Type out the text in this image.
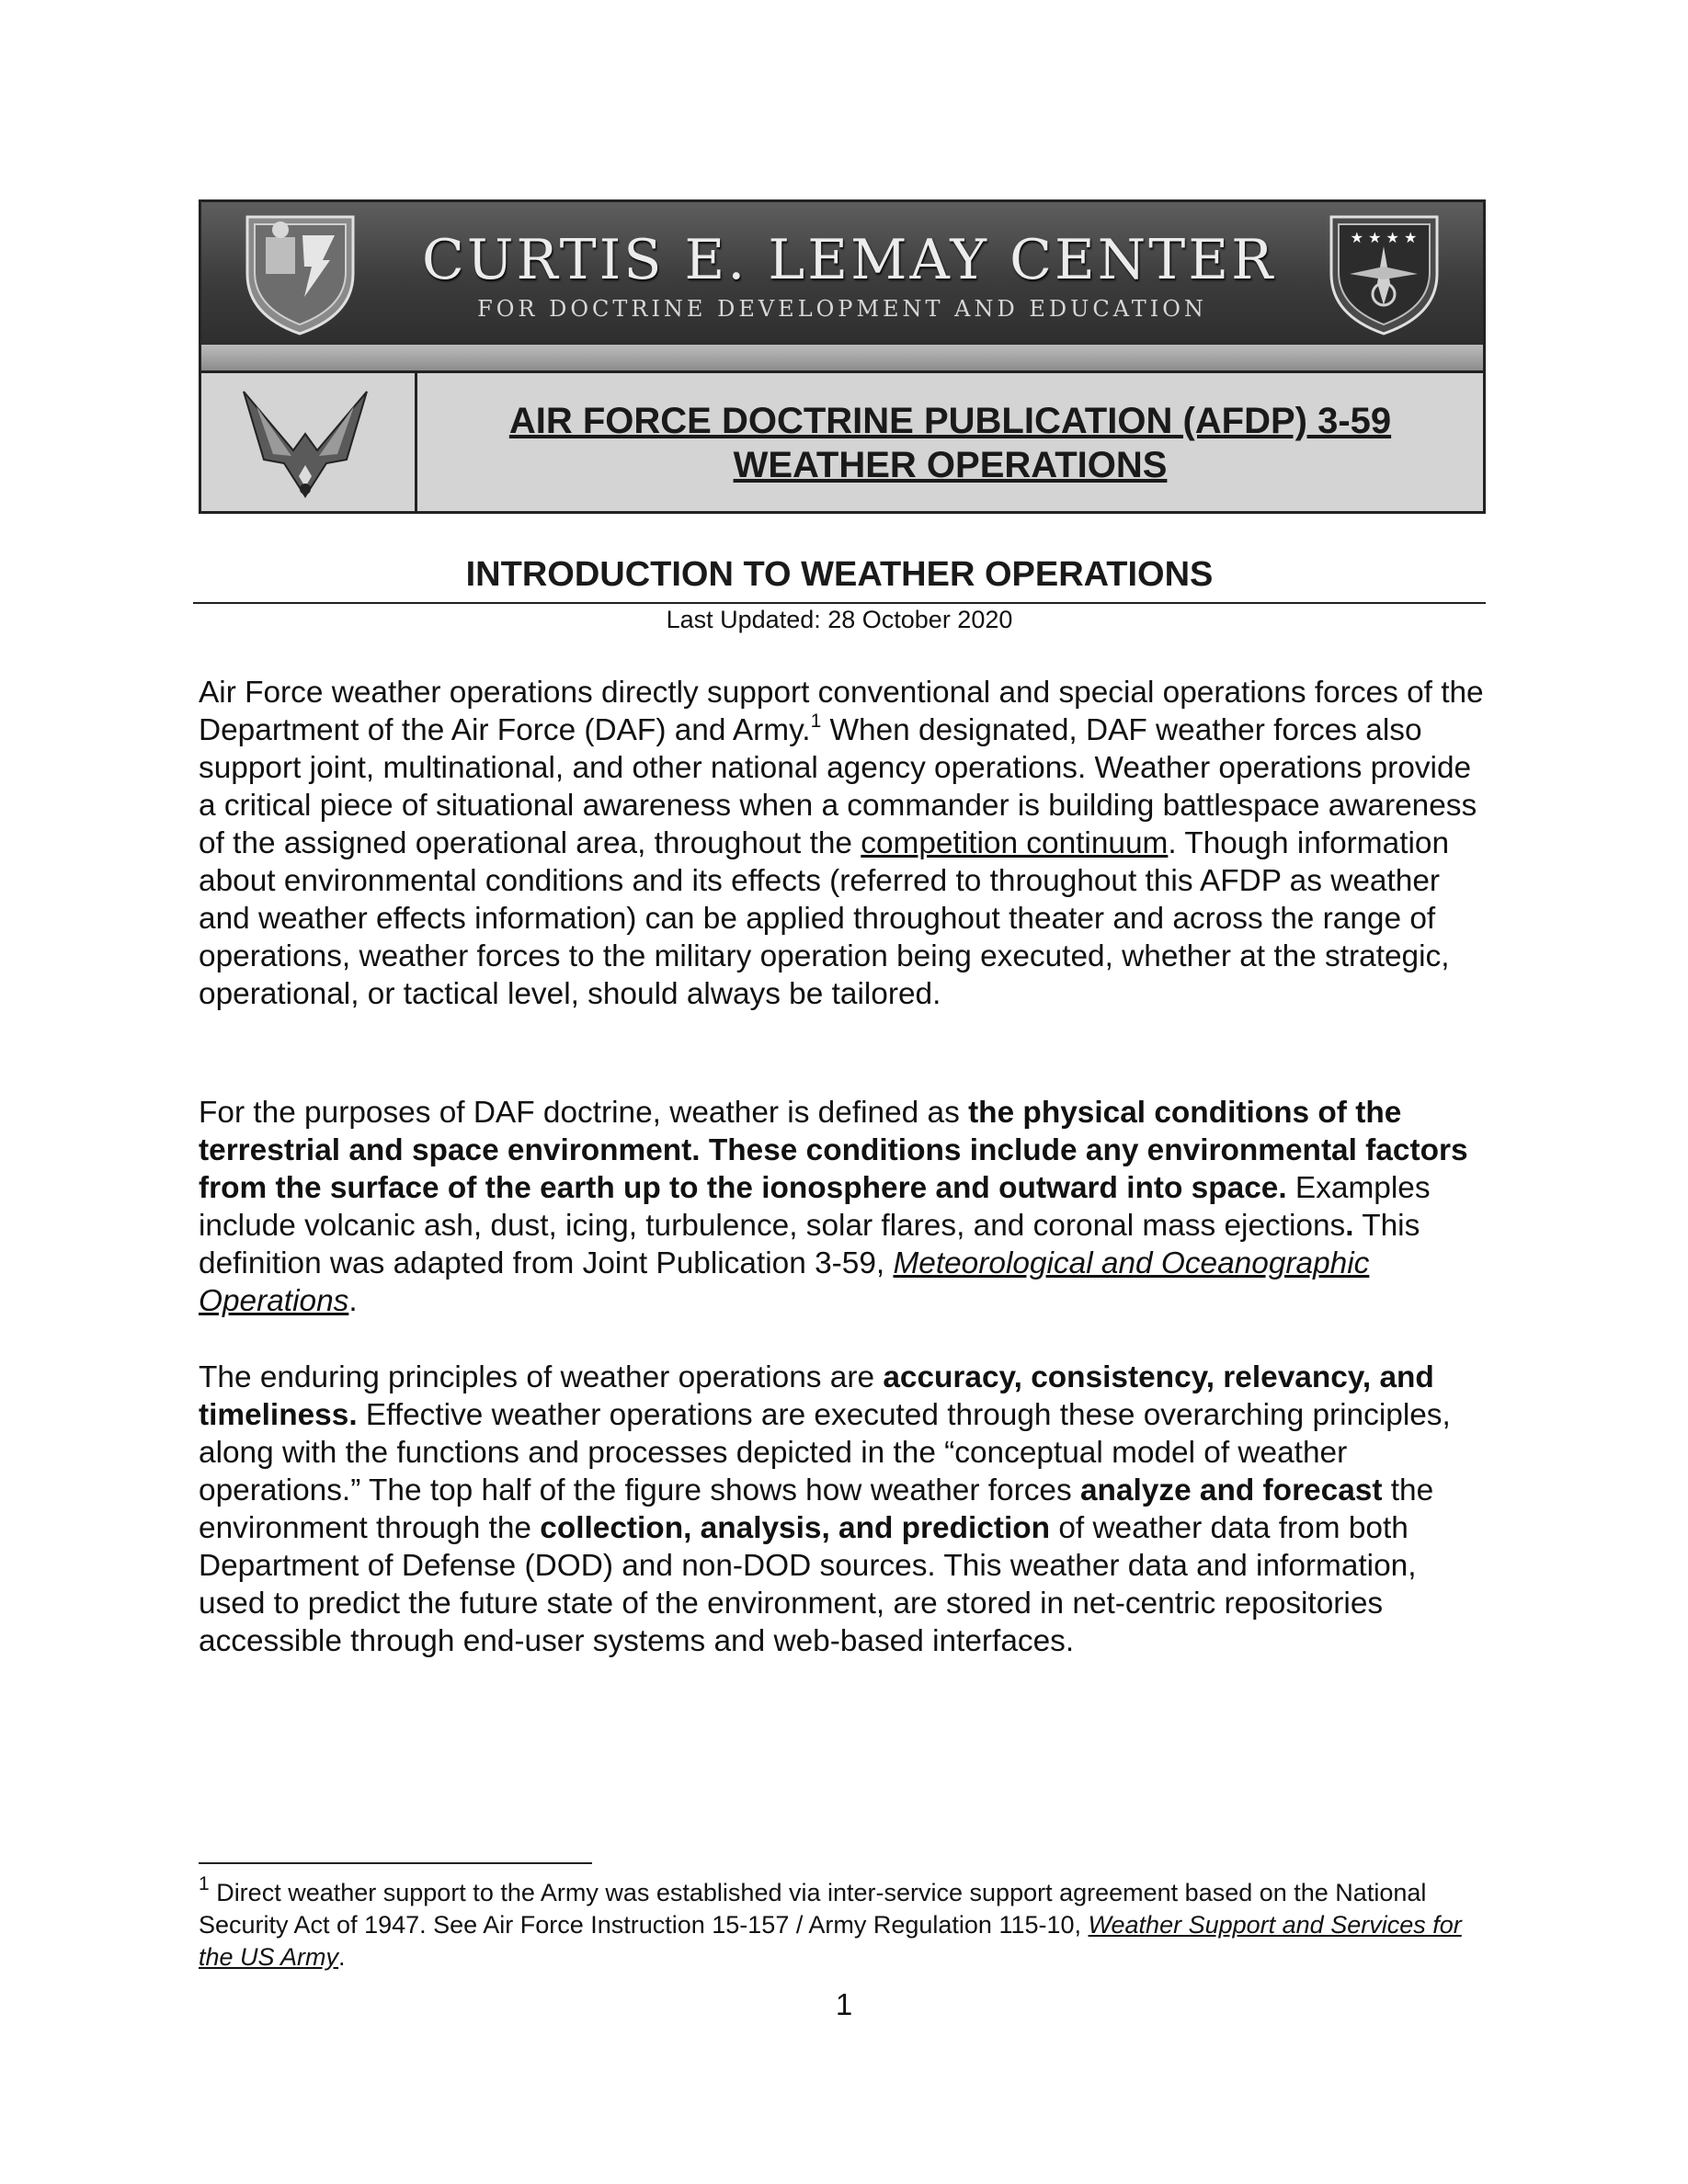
CURTIS E. LEMAY CENTER
FOR DOCTRINE DEVELOPMENT AND EDUCATION
★ ★ ★ ★
AIR FORCE DOCTRINE PUBLICATION (AFDP) 3-59
WEATHER OPERATIONS
INTRODUCTION TO WEATHER OPERATIONS
Last Updated: 28 October 2020

Air Force weather operations directly support conventional and special operations forces of the Department of the Air Force (DAF) and Army.$^1$ When designated, DAF weather forces also support joint, multinational, and other national agency operations. Weather operations provide a critical piece of situational awareness when a commander is building battlespace awareness of the assigned operational area, throughout the competition continuum. Though information about environmental conditions and its effects (referred to throughout this AFDP as weather and weather effects information) can be applied throughout theater and across the range of operations, weather forces to the military operation being executed, whether at the strategic, operational, or tactical level, should always be tailored.

For the purposes of DAF doctrine, weather is defined as the physical conditions of the terrestrial and space environment. These conditions include any environmental factors from the surface of the earth up to the ionosphere and outward into space. Examples include volcanic ash, dust, icing, turbulence, solar flares, and coronal mass ejections. This definition was adapted from Joint Publication 3-59, Meteorological and Oceanographic Operations.

The enduring principles of weather operations are accuracy, consistency, relevancy, and timeliness. Effective weather operations are executed through these overarching principles, along with the functions and processes depicted in the “conceptual model of weather operations.” The top half of the figure shows how weather forces analyze and forecast the environment through the collection, analysis, and prediction of weather data from both Department of Defense (DOD) and non-DOD sources. This weather data and information, used to predict the future state of the environment, are stored in net-centric repositories accessible through end-user systems and web-based interfaces.

$^1$ Direct weather support to the Army was established via inter-service support agreement based on the National Security Act of 1947. See Air Force Instruction 15-157 / Army Regulation 115-10, Weather Support and Services for the US Army.

1
